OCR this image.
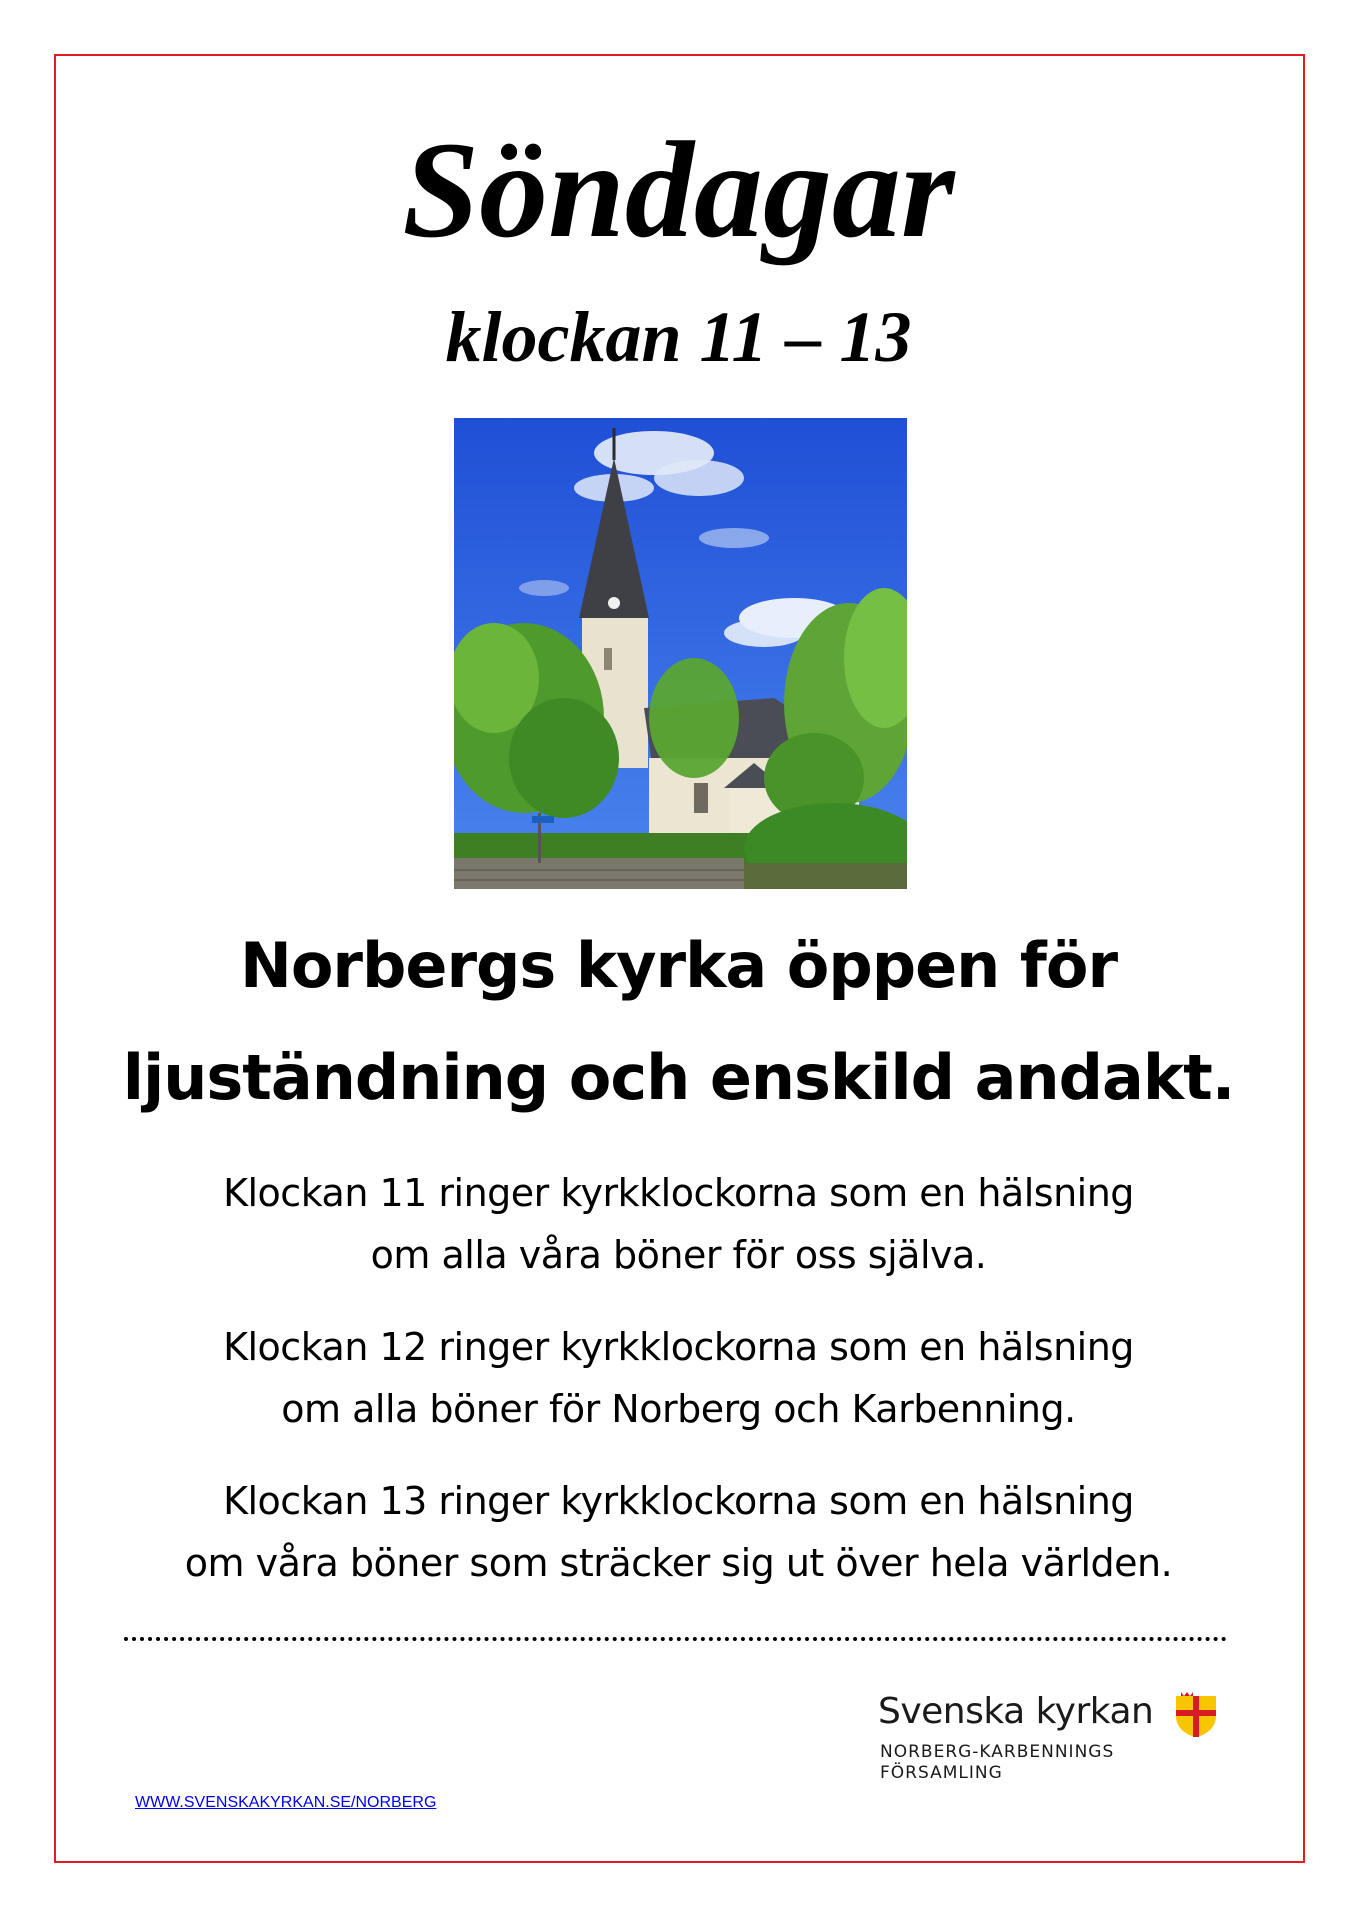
Söndagar
klockan 11 – 13
Norbergs kyrka öppen för
ljuständning och enskild andakt.

Klockan 11 ringer kyrkklockorna som en hälsning
om alla våra böner för oss själva.

Klockan 12 ringer kyrkklockorna som en hälsning
om alla böner för Norberg och Karbenning.

Klockan 13 ringer kyrkklockorna som en hälsning
om våra böner som sträcker sig ut över hela världen.

Svenska kyrkan
NORBERG-KARBENNINGS
FÖRSAMLING
WWW.SVENSKAKYRKAN.SE/NORBERG
